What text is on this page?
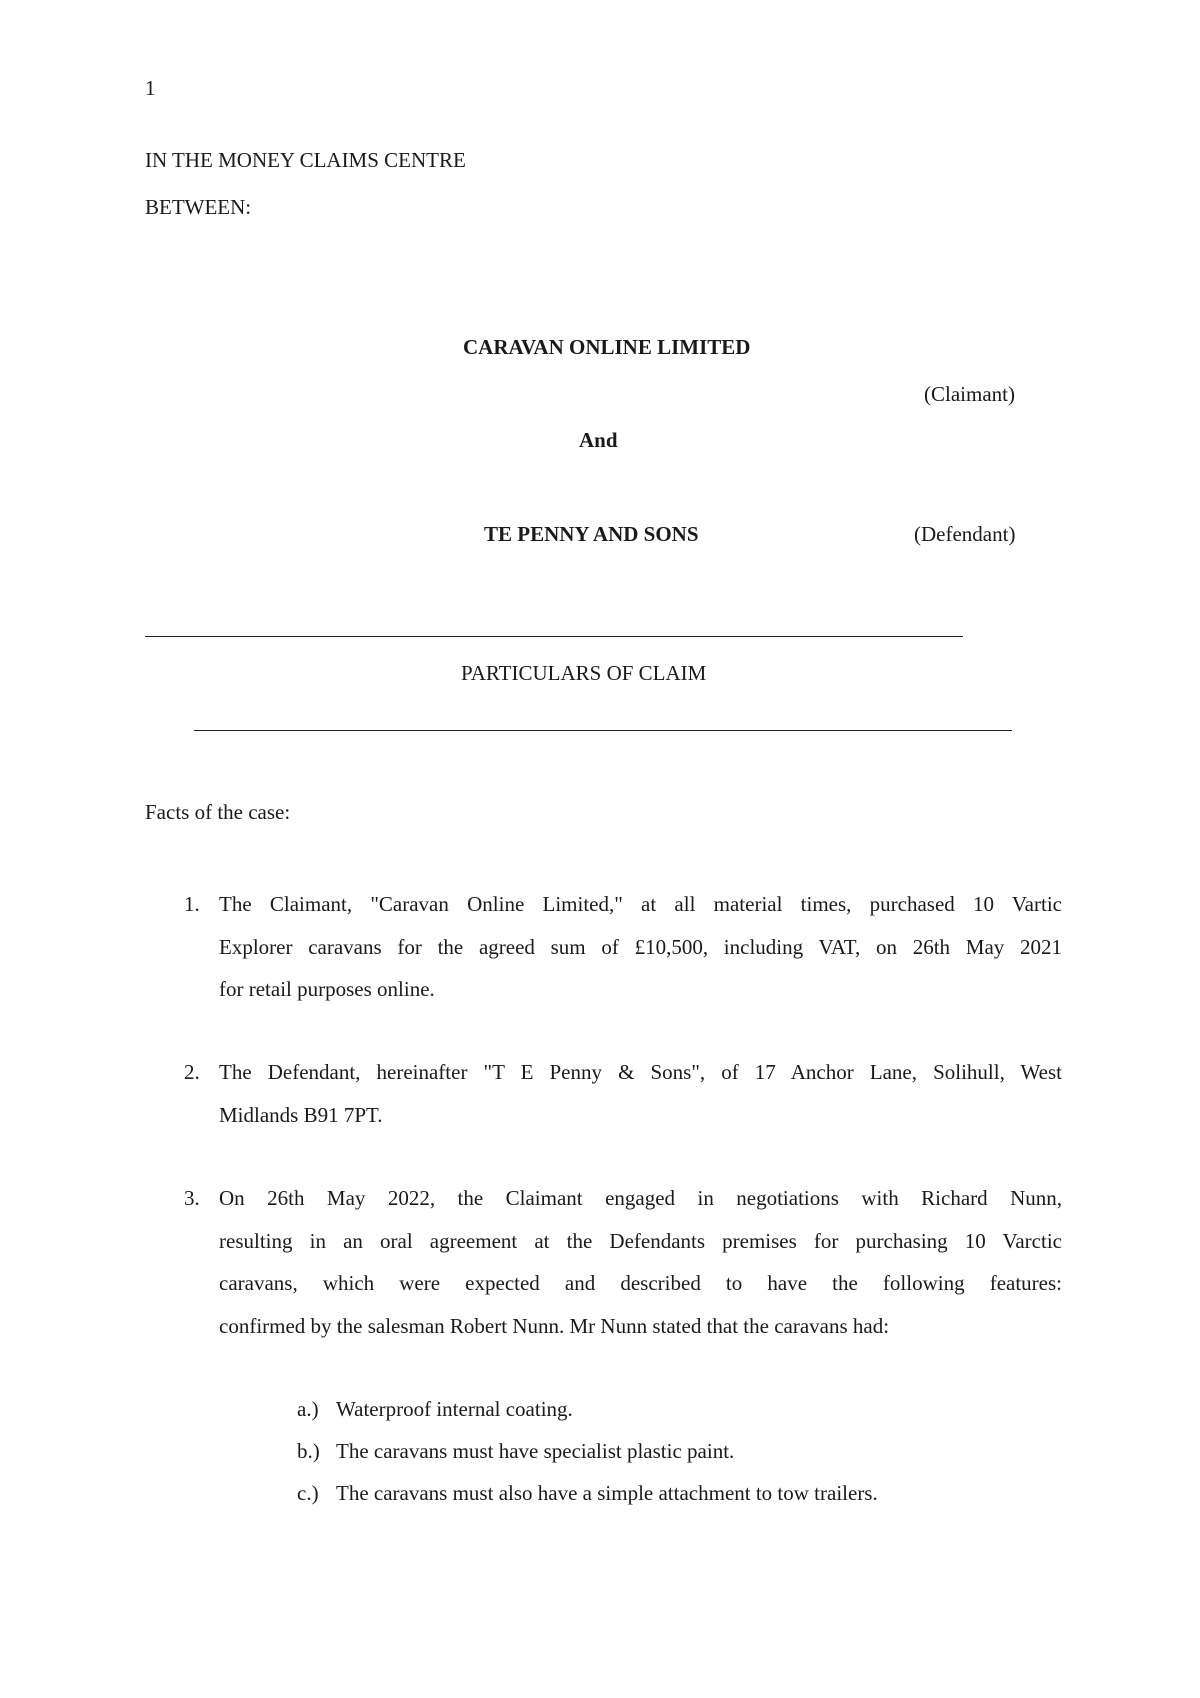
1
IN THE MONEY CLAIMS CENTRE
BETWEEN:
CARAVAN ONLINE LIMITED
(Claimant)
And
TE PENNY AND SONS	(Defendant)
PARTICULARS OF CLAIM
Facts of the case:
1. The Claimant, "Caravan Online Limited," at all material times, purchased 10 Vartic
Explorer caravans for the agreed sum of £10,500, including VAT, on 26th May 2021
for retail purposes online.
2. The Defendant, hereinafter "T E Penny & Sons", of 17 Anchor Lane, Solihull, West
Midlands B91 7PT.
3. On 26th May 2022, the Claimant engaged in negotiations with Richard Nunn,
resulting in an oral agreement at the Defendants premises for purchasing 10 Varctic
caravans, which were expected and described to have the following features:
confirmed by the salesman Robert Nunn. Mr Nunn stated that the caravans had:
a.) Waterproof internal coating.
b.) The caravans must have specialist plastic paint.
c.) The caravans must also have a simple attachment to tow trailers.
